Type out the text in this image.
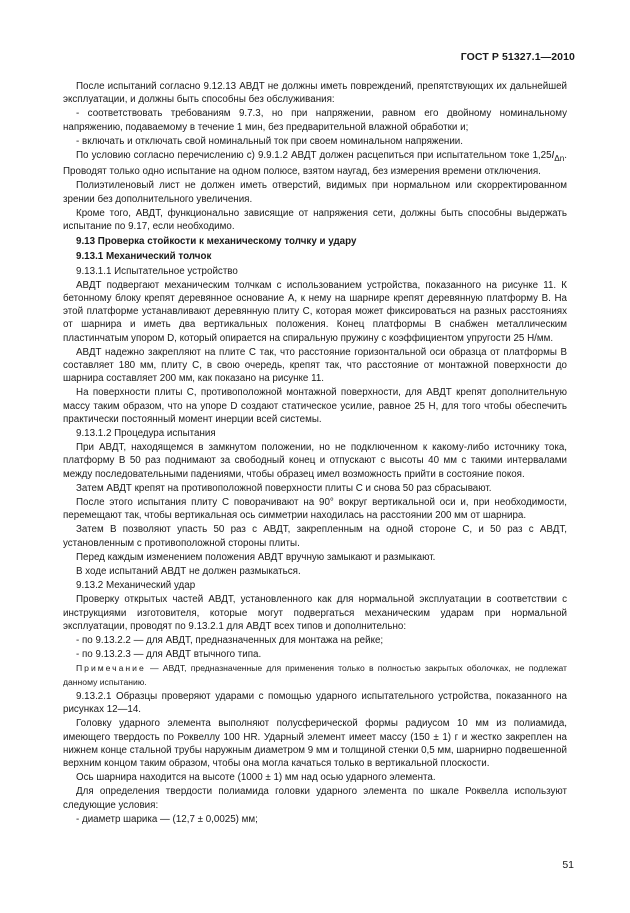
ГОСТ Р 51327.1—2010

После испытаний согласно 9.12.13 АВДТ не должны иметь повреждений, препятствующих их дальнейшей эксплуатации, и должны быть способны без обслуживания:

- соответствовать требованиям 9.7.3, но при напряжении, равном его двойному номинальному напряжению, подаваемому в течение 1 мин, без предварительной влажной обработки и;

- включать и отключать свой номинальный ток при своем номинальном напряжении.

По условию согласно перечислению c) 9.9.1.2 АВДТ должен расцепиться при испытательном токе $1,25I_{\Delta n}$. Проводят только одно испытание на одном полюсе, взятом наугад, без измерения времени отключения.

Полиэтиленовый лист не должен иметь отверстий, видимых при нормальном или скорректированном зрении без дополнительного увеличения.

Кроме того, АВДТ, функционально зависящие от напряжения сети, должны быть способны выдержать испытание по 9.17, если необходимо.

9.13 Проверка стойкости к механическому толчку и удару

9.13.1 Механический толчок

9.13.1.1 Испытательное устройство

АВДТ подвергают механическим толчкам с использованием устройства, показанного на рисунке 11. К бетонному блоку крепят деревянное основание А, к нему на шарнире крепят деревянную платформу В. На этой платформе устанавливают деревянную плиту С, которая может фиксироваться на разных расстояниях от шарнира и иметь два вертикальных положения. Конец платформы В снабжен металлическим пластинчатым упором D, который опирается на спиральную пружину с коэффициентом упругости 25 Н/мм.

АВДТ надежно закрепляют на плите С так, что расстояние горизонтальной оси образца от платформы В составляет 180 мм, плиту С, в свою очередь, крепят так, что расстояние от монтажной поверхности до шарнира составляет 200 мм, как показано на рисунке 11.

На поверхности плиты С, противоположной монтажной поверхности, для АВДТ крепят дополнительную массу таким образом, что на упоре D создают статическое усилие, равное 25 Н, для того чтобы обеспечить практически постоянный момент инерции всей системы.

9.13.1.2 Процедура испытания

При АВДТ, находящемся в замкнутом положении, но не подключенном к какому-либо источнику тока, платформу В 50 раз поднимают за свободный конец и отпускают с высоты 40 мм с такими интервалами между последовательными падениями, чтобы образец имел возможность прийти в состояние покоя.

Затем АВДТ крепят на противоположной поверхности плиты С и снова 50 раз сбрасывают.

После этого испытания плиту С поворачивают на 90° вокруг вертикальной оси и, при необходимости, перемещают так, чтобы вертикальная ось симметрии находилась на расстоянии 200 мм от шарнира.

Затем В позволяют упасть 50 раз с АВДТ, закрепленным на одной стороне С, и 50 раз с АВДТ, установленным с противоположной стороны плиты.

Перед каждым изменением положения АВДТ вручную замыкают и размыкают.

В ходе испытаний АВДТ не должен размыкаться.

9.13.2 Механический удар

Проверку открытых частей АВДТ, установленного как для нормальной эксплуатации в соответствии с инструкциями изготовителя, которые могут подвергаться механическим ударам при нормальной эксплуатации, проводят по 9.13.2.1 для АВДТ всех типов и дополнительно:

- по 9.13.2.2 — для АВДТ, предназначенных для монтажа на рейке;

- по 9.13.2.3 — для АВДТ втычного типа.

Примечание — АВДТ, предназначенные для применения только в полностью закрытых оболочках, не подлежат данному испытанию.

9.13.2.1 Образцы проверяют ударами с помощью ударного испытательного устройства, показанного на рисунках 12—14.

Головку ударного элемента выполняют полусферической формы радиусом 10 мм из полиамида, имеющего твердость по Роквеллу 100 HR. Ударный элемент имеет массу (150 ± 1) г и жестко закреплен на нижнем конце стальной трубы наружным диаметром 9 мм и толщиной стенки 0,5 мм, шарнирно подвешенной верхним концом таким образом, чтобы она могла качаться только в вертикальной плоскости.

Ось шарнира находится на высоте (1000 ± 1) мм над осью ударного элемента.

Для определения твердости полиамида головки ударного элемента по шкале Роквелла используют следующие условия:

- диаметр шарика — (12,7 ± 0,0025) мм;

51
